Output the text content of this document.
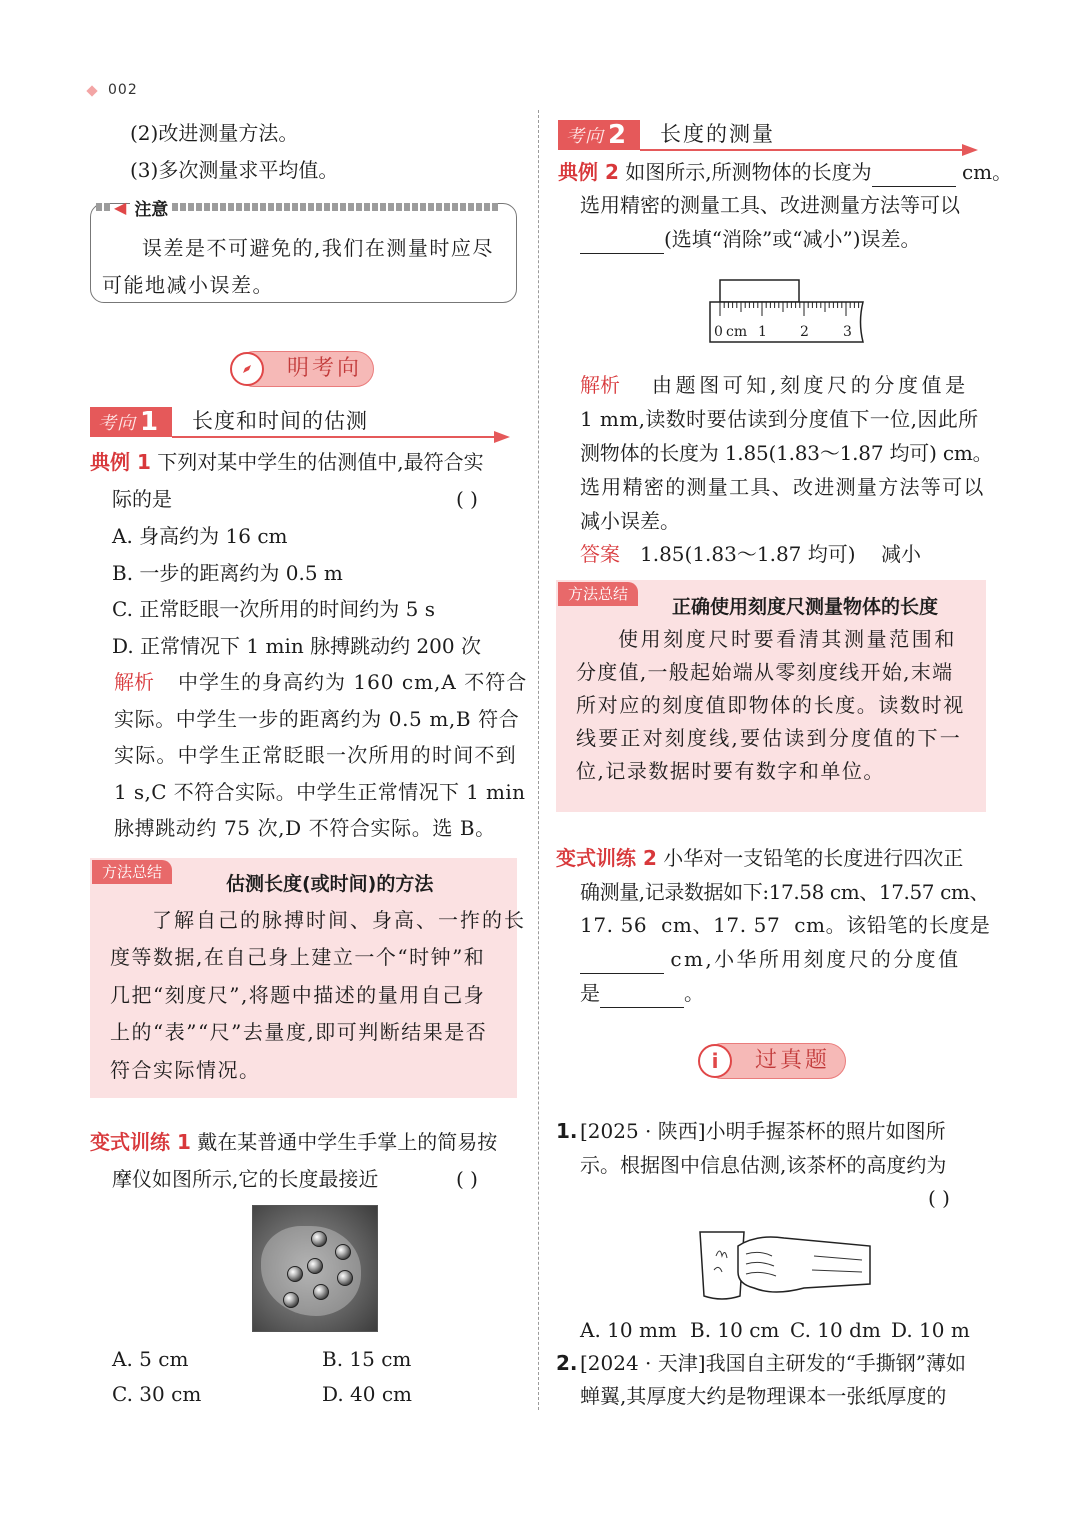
002
(2)改进测量方法。
(3)多次测量求平均值。
◀ 注意
误差是不可避免的,我们在测量时应尽
可能地减小误差。
明考向
考向 1	长度和时间的估测
典例 1 下列对某中学生的估测值中,最符合实
际的是	( )
A. 身高约为 16 cm
B. 一步的距离约为 0.5 m
C. 正常眨眼一次所用的时间约为 5 s
D. 正常情况下 1 min 脉搏跳动约 200 次
解析 中学生的身高约为 160 cm,A 不符合
实际。中学生一步的距离约为 0.5 m,B 符合
实际。中学生正常眨眼一次所用的时间不到
1 s,C 不符合实际。中学生正常情况下 1 min
脉搏跳动约 75 次,D 不符合实际。选 B。
方法总结
估测长度(或时间)的方法
了解自己的脉搏时间、身高、一拃的长
度等数据,在自己身上建立一个“时钟”和
几把“刻度尺”,将题中描述的量用自己身
上的“表”“尺”去量度,即可判断结果是否
符合实际情况。
变式训练 1 戴在某普通中学生手掌上的简易按
摩仪如图所示,它的长度最接近	( )
A. 5 cm	B. 15 cm
C. 30 cm	D. 40 cm
考向 2	长度的测量
典例 2 如图所示,所测物体的长度为	cm。
选用精密的测量工具、改进测量方法等可以
(选填“消除”或“减小”)误差。
0 cm 1 2 3
解析 由题图可知,刻度尺的分度值是
1 mm,读数时要估读到分度值下一位,因此所
测物体的长度为 1.85(1.83～1.87 均可) cm。
选用精密的测量工具、改进测量方法等可以
减小误差。
答案 1.85(1.83～1.87 均可)    减小
方法总结
正确使用刻度尺测量物体的长度
使用刻度尺时要看清其测量范围和
分度值,一般起始端从零刻度线开始,末端
所对应的刻度值即物体的长度。读数时视
线要正对刻度线,要估读到分度值的下一
位,记录数据时要有数字和单位。
变式训练 2 小华对一支铅笔的长度进行四次正
确测量,记录数据如下:17.58 cm、17.57 cm、
17. 56  cm、17. 57  cm。该铅笔的长度是
cm,小华所用刻度尺的分度值
是	。
过真题
i
1. [2025 · 陕西]小明手握茶杯的照片如图所
示。根据图中信息估测,该茶杯的高度约为
( )
A. 10 mm B. 10 cm C. 10 dm D. 10 m
2. [2024 · 天津]我国自主研发的“手撕钢”薄如
蝉翼,其厚度大约是物理课本一张纸厚度的
